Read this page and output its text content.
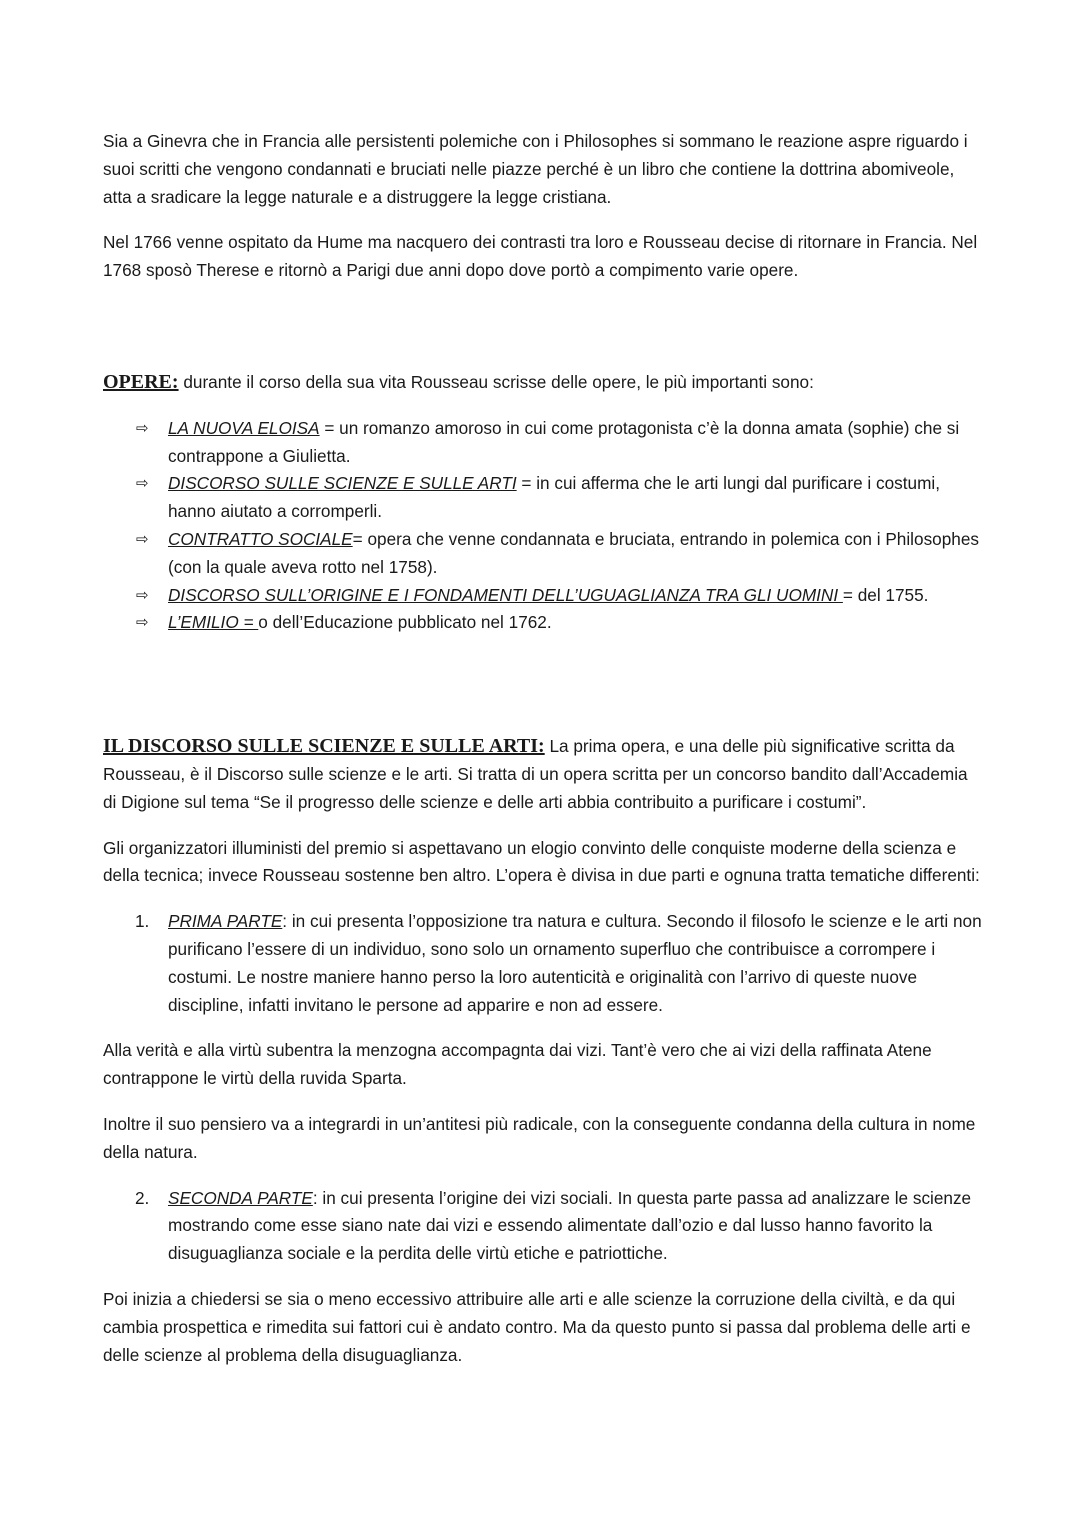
Sia a Ginevra che in Francia alle persistenti polemiche con i Philosophes si sommano le reazione aspre riguardo i suoi scritti che vengono condannati e bruciati nelle piazze perché è un libro che contiene la dottrina abomiveole, atta a sradicare la legge naturale e a distruggere la legge cristiana.

Nel 1766 venne ospitato da Hume ma nacquero dei contrasti tra loro e Rousseau decise di ritornare in Francia. Nel 1768 sposò Therese e ritornò a Parigi due anni dopo dove portò a compimento varie opere.

OPERE: durante il corso della sua vita Rousseau scrisse delle opere, le più importanti sono:

⇨ LA NUOVA ELOISA = un romanzo amoroso in cui come protagonista c’è la donna amata (sophie) che si contrappone a Giulietta.
⇨ DISCORSO SULLE SCIENZE E SULLE ARTI = in cui afferma che le arti lungi dal purificare i costumi, hanno aiutato a corromperli.
⇨ CONTRATTO SOCIALE= opera che venne condannata e bruciata, entrando in polemica con i Philosophes (con la quale aveva rotto nel 1758).
⇨ DISCORSO SULL’ORIGINE E I FONDAMENTI DELL’UGUAGLIANZA TRA GLI UOMINI = del 1755.
⇨ L’EMILIO = o dell’Educazione pubblicato nel 1762.

IL DISCORSO SULLE SCIENZE E SULLE ARTI: La prima opera, e una delle più significative scritta da Rousseau, è il Discorso sulle scienze e le arti. Si tratta di un opera scritta per un concorso bandito dall’Accademia di Digione sul tema “Se il progresso delle scienze e delle arti abbia contribuito a purificare i costumi”.

Gli organizzatori illuministi del premio si aspettavano un elogio convinto delle conquiste moderne della scienza e della tecnica; invece Rousseau sostenne ben altro. L’opera è divisa in due parti e ognuna tratta tematiche differenti:

1. PRIMA PARTE: in cui presenta l’opposizione tra natura e cultura. Secondo il filosofo le scienze e le arti non purificano l’essere di un individuo, sono solo un ornamento superfluo che contribuisce a corrompere i costumi. Le nostre maniere hanno perso la loro autenticità e originalità con l’arrivo di queste nuove discipline, infatti invitano le persone ad apparire e non ad essere.

Alla verità e alla virtù subentra la menzogna accompagnta dai vizi. Tant’è vero che ai vizi della raffinata Atene contrappone le virtù della ruvida Sparta.

Inoltre il suo pensiero va a integrardi in un’antitesi più radicale, con la conseguente condanna della cultura in nome della natura.

2. SECONDA PARTE: in cui presenta l’origine dei vizi sociali. In questa parte passa ad analizzare le scienze mostrando come esse siano nate dai vizi e essendo alimentate dall’ozio e dal lusso hanno favorito la disuguaglianza sociale e la perdita delle virtù etiche e patriottiche.

Poi inizia a chiedersi se sia o meno eccessivo attribuire alle arti e alle scienze la corruzione della civiltà, e da qui cambia prospettica e rimedita sui fattori cui è andato contro. Ma da questo punto si passa dal problema delle arti e delle scienze al problema della disuguaglianza.
